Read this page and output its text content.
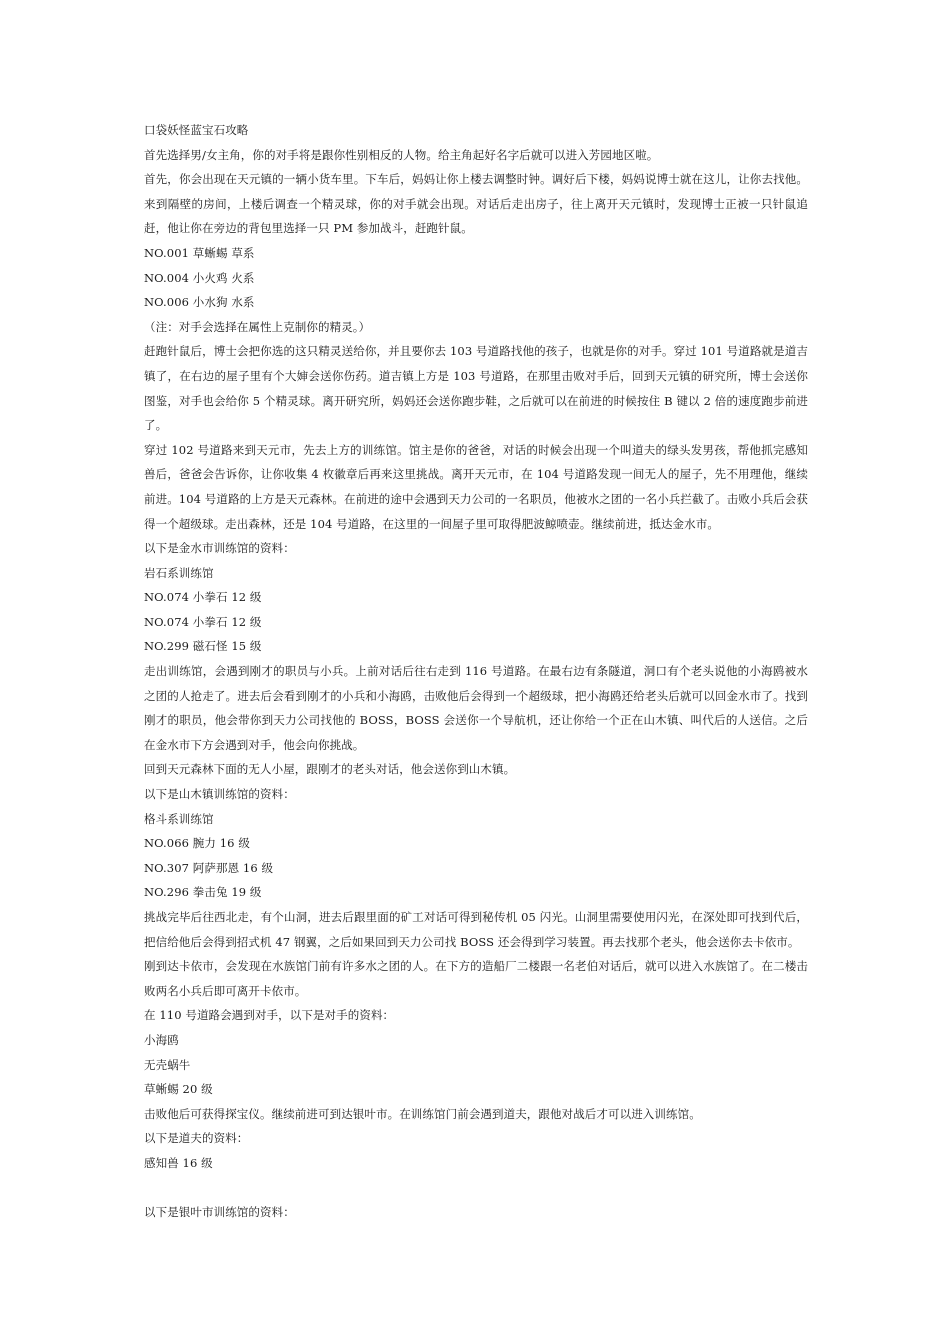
口袋妖怪蓝宝石攻略

首先选择男/女主角，你的对手将是跟你性别相反的人物。给主角起好名字后就可以进入芳园地区啦。

首先，你会出现在天元镇的一辆小货车里。下车后，妈妈让你上楼去调整时钟。调好后下楼，妈妈说博士就在这儿，让你去找他。来到隔壁的房间，上楼后调查一个精灵球，你的对手就会出现。对话后走出房子，往上离开天元镇时，发现博士正被一只针鼠追赶，他让你在旁边的背包里选择一只 PM 参加战斗，赶跑针鼠。

NO.001 草蜥蜴 草系

NO.004 小火鸡 火系

NO.006 小水狗 水系

（注：对手会选择在属性上克制你的精灵。）

赶跑针鼠后，博士会把你选的这只精灵送给你，并且要你去 103 号道路找他的孩子，也就是你的对手。穿过 101 号道路就是道吉镇了，在右边的屋子里有个大婶会送你伤药。道吉镇上方是 103 号道路，在那里击败对手后，回到天元镇的研究所，博士会送你图鉴，对手也会给你 5 个精灵球。离开研究所，妈妈还会送你跑步鞋，之后就可以在前进的时候按住 B 键以 2 倍的速度跑步前进了。

穿过 102 号道路来到天元市，先去上方的训练馆。馆主是你的爸爸，对话的时候会出现一个叫道夫的绿头发男孩，帮他抓完感知兽后，爸爸会告诉你，让你收集 4 枚徽章后再来这里挑战。离开天元市，在 104 号道路发现一间无人的屋子，先不用理他，继续前进。104 号道路的上方是天元森林。在前进的途中会遇到天力公司的一名职员，他被水之团的一名小兵拦截了。击败小兵后会获得一个超级球。走出森林，还是 104 号道路，在这里的一间屋子里可取得肥波鲸喷壶。继续前进，抵达金水市。

以下是金水市训练馆的资料：

岩石系训练馆

NO.074 小拳石 12 级

NO.074 小拳石 12 级

NO.299 磁石怪 15 级

走出训练馆，会遇到刚才的职员与小兵。上前对话后往右走到 116 号道路。在最右边有条隧道，洞口有个老头说他的小海鸥被水之团的人抢走了。进去后会看到刚才的小兵和小海鸥，击败他后会得到一个超级球，把小海鸥还给老头后就可以回金水市了。找到刚才的职员，他会带你到天力公司找他的 BOSS，BOSS 会送你一个导航机，还让你给一个正在山木镇、叫代后的人送信。之后在金水市下方会遇到对手，他会向你挑战。

回到天元森林下面的无人小屋，跟刚才的老头对话，他会送你到山木镇。

以下是山木镇训练馆的资料：

格斗系训练馆

NO.066 腕力 16 级

NO.307 阿萨那恩 16 级

NO.296 拳击兔 19 级

挑战完毕后往西北走，有个山洞，进去后跟里面的矿工对话可得到秘传机 05 闪光。山洞里需要使用闪光，在深处即可找到代后，把信给他后会得到招式机 47 钢翼，之后如果回到天力公司找 BOSS 还会得到学习装置。再去找那个老头，他会送你去卡依市。

刚到达卡依市，会发现在水族馆门前有许多水之团的人。在下方的造船厂二楼跟一名老伯对话后，就可以进入水族馆了。在二楼击败两名小兵后即可离开卡依市。

在 110 号道路会遇到对手，以下是对手的资料：

小海鸥

无壳蜗牛

草蜥蜴 20 级

击败他后可获得探宝仪。继续前进可到达银叶市。在训练馆门前会遇到道夫，跟他对战后才可以进入训练馆。

以下是道夫的资料：

感知兽 16 级

以下是银叶市训练馆的资料：
